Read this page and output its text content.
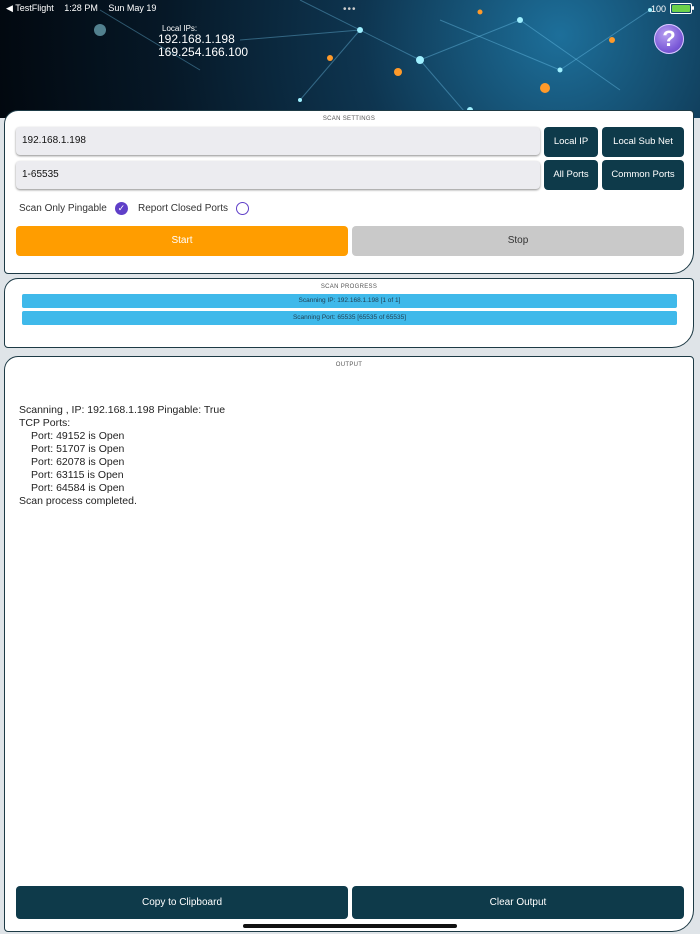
◀ TestFlight 1:28 PM Sun May 19	•••	100
Local IPs:
192.168.1.198
169.254.166.100
?
SCAN SETTINGS
192.168.1.198	Local IP	Local Sub Net
1-65535	All Ports	Common Ports
Scan Only Pingable	✓ Report Closed Ports
Start	Stop
SCAN PROGRESS
Scanning IP: 192.168.1.198 [1 of 1]
Scanning Port: 65535 [65535 of 65535]
OUTPUT
Scanning , IP: 192.168.1.198 Pingable: True
TCP Ports:
Port: 49152 is Open
Port: 51707 is Open
Port: 62078 is Open
Port: 63115 is Open
Port: 64584 is Open
Scan process completed.
Copy to Clipboard	Clear Output
